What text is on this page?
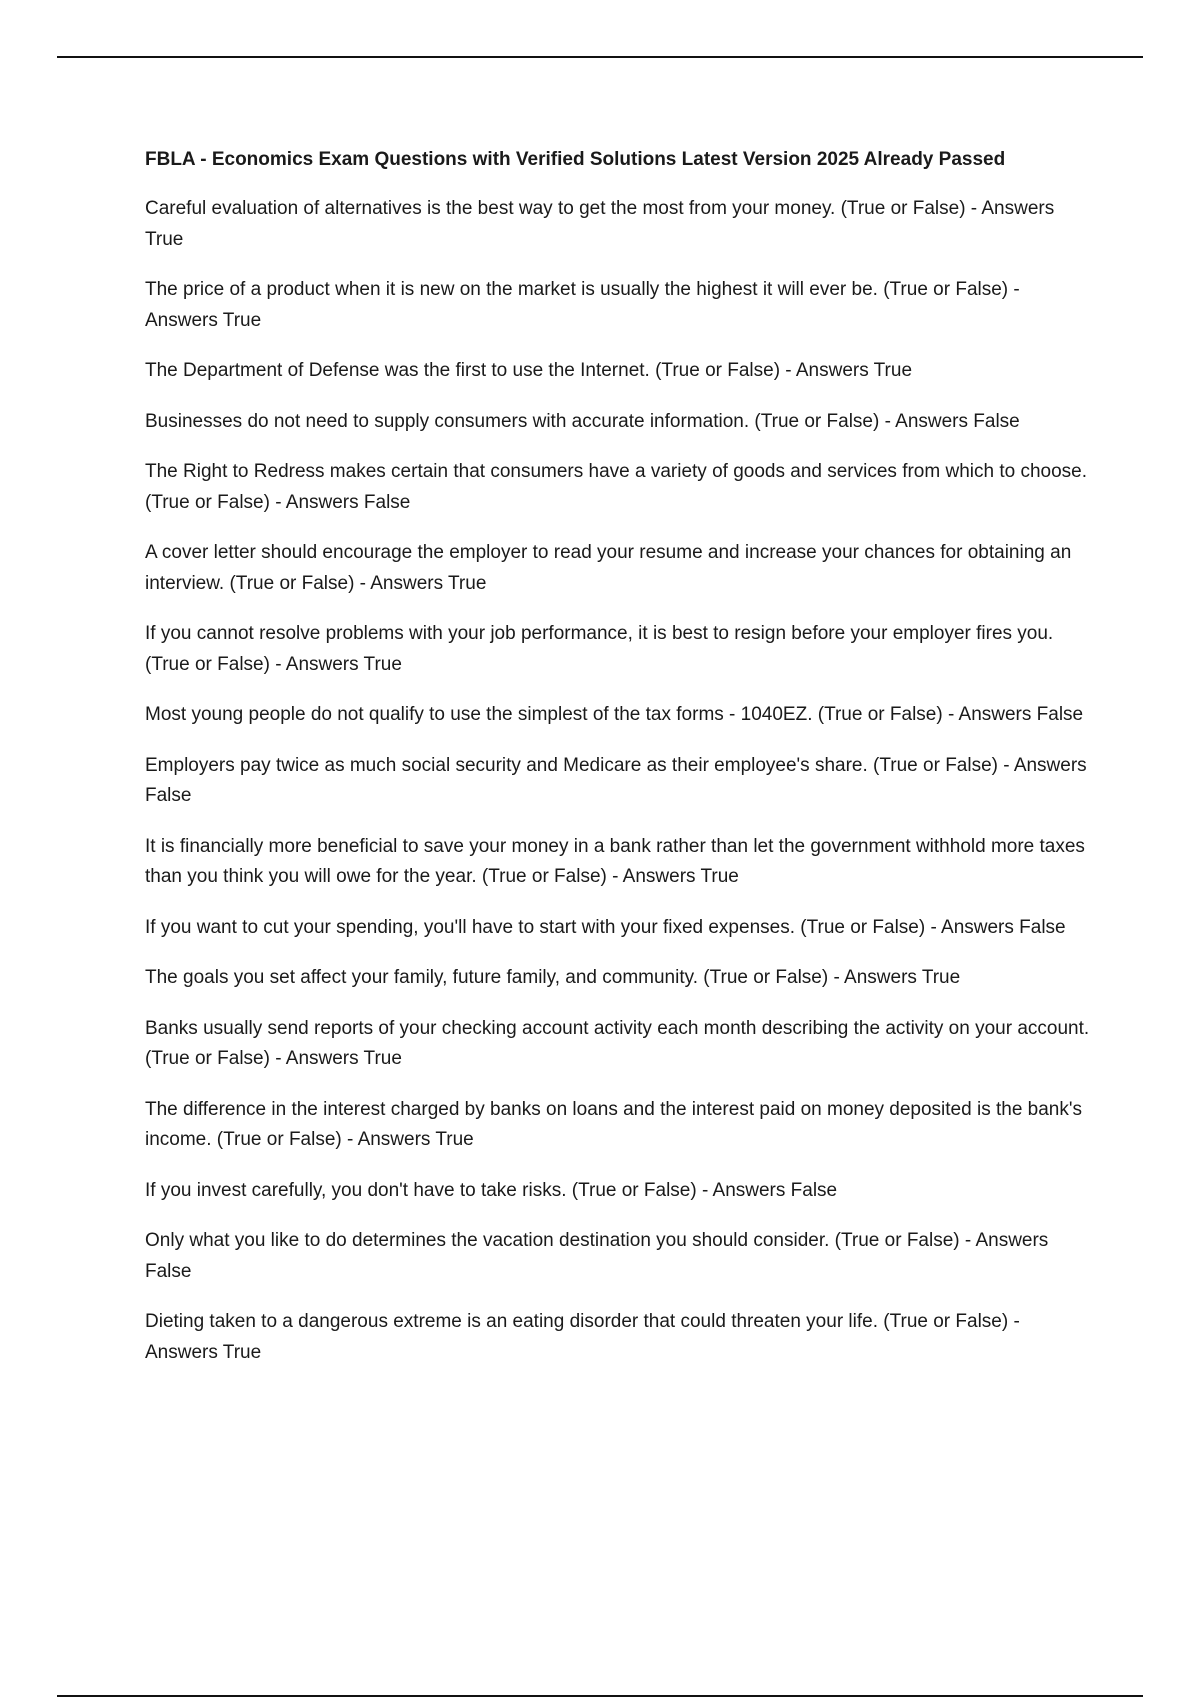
FBLA - Economics Exam Questions with Verified Solutions Latest Version 2025 Already Passed

Careful evaluation of alternatives is the best way to get the most from your money. (True or False) - Answers True

The price of a product when it is new on the market is usually the highest it will ever be. (True or False) - Answers True

The Department of Defense was the first to use the Internet. (True or False) - Answers True

Businesses do not need to supply consumers with accurate information. (True or False) - Answers False

The Right to Redress makes certain that consumers have a variety of goods and services from which to choose. (True or False) - Answers False

A cover letter should encourage the employer to read your resume and increase your chances for obtaining an interview. (True or False) - Answers True

If you cannot resolve problems with your job performance, it is best to resign before your employer fires you. (True or False) - Answers True

Most young people do not qualify to use the simplest of the tax forms - 1040EZ. (True or False) - Answers False

Employers pay twice as much social security and Medicare as their employee's share. (True or False) - Answers False

It is financially more beneficial to save your money in a bank rather than let the government withhold more taxes than you think you will owe for the year. (True or False) - Answers True

If you want to cut your spending, you'll have to start with your fixed expenses. (True or False) - Answers False

The goals you set affect your family, future family, and community. (True or False) - Answers True

Banks usually send reports of your checking account activity each month describing the activity on your account. (True or False) - Answers True

The difference in the interest charged by banks on loans and the interest paid on money deposited is the bank's income. (True or False) - Answers True

If you invest carefully, you don't have to take risks. (True or False) - Answers False

Only what you like to do determines the vacation destination you should consider. (True or False) - Answers False

Dieting taken to a dangerous extreme is an eating disorder that could threaten your life. (True or False) - Answers True
